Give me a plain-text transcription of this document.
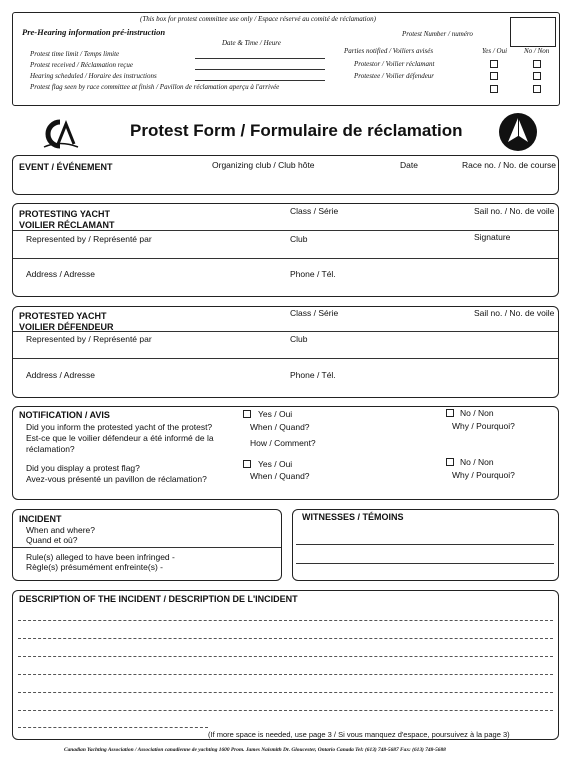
(This box for protest committee use only / Espace réservé au comité de réclamation)
Pre-Hearing information pré-instruction	Protest Number / numéro
Date & Time / Heure
Protest time limit / Temps limite
Protest received / Réclamation reçue
Hearing scheduled / Horaire des instructions
Protest flag seen by race committee at finish / Pavillon de réclamation aperçu à l'arrivée
Parties notified / Voiliers avisés	Yes / Oui No / Non
Protestor / Voilier réclamant
Protestee / Voilier défendeur
Protest Form / Formulaire de réclamation
EVENT / ÉVÉNEMENT	Organizing club / Club hôte	Date	Race no. / No. de course
PROTESTING YACHT
VOILIER RÉCLAMANT
Class / Série	Sail no. / No. de voile
Represented by / Représenté par	Club	Signature
Address / Adresse	Phone / Tél.
PROTESTED YACHT
VOILIER DÉFENDEUR
Class / Série	Sail no. / No. de voile
Represented by / Représenté par	Club
Address / Adresse	Phone / Tél.
NOTIFICATION / AVIS
Did you inform the protested yacht of the protest?
Est-ce que le voilier défendeur a été informé de la
réclamation?
Yes / Oui	No / Non
When / Quand?	Why / Pourquoi?
How / Comment?
Did you display a protest flag?
Avez-vous présenté un pavillon de réclamation?
Yes / Oui	No / Non
When / Quand?	Why / Pourquoi?
INCIDENT
When and where?
Quand et où?
Rule(s) alleged to have been infringed -
Règle(s) présumément enfreinte(s) -
WITNESSES / TÉMOINS
DESCRIPTION OF THE INCIDENT / DESCRIPTION DE L'INCIDENT
(If more space is needed, use page 3 / Si vous manquez d'espace, poursuivez à la page 3)
Canadian Yachting Association / Association canadienne de yachting 1600 Prom. James Naismith Dr. Gloucester, Ontario Canada Tel: (613) 748-5687 Fax: (613) 748-5688
